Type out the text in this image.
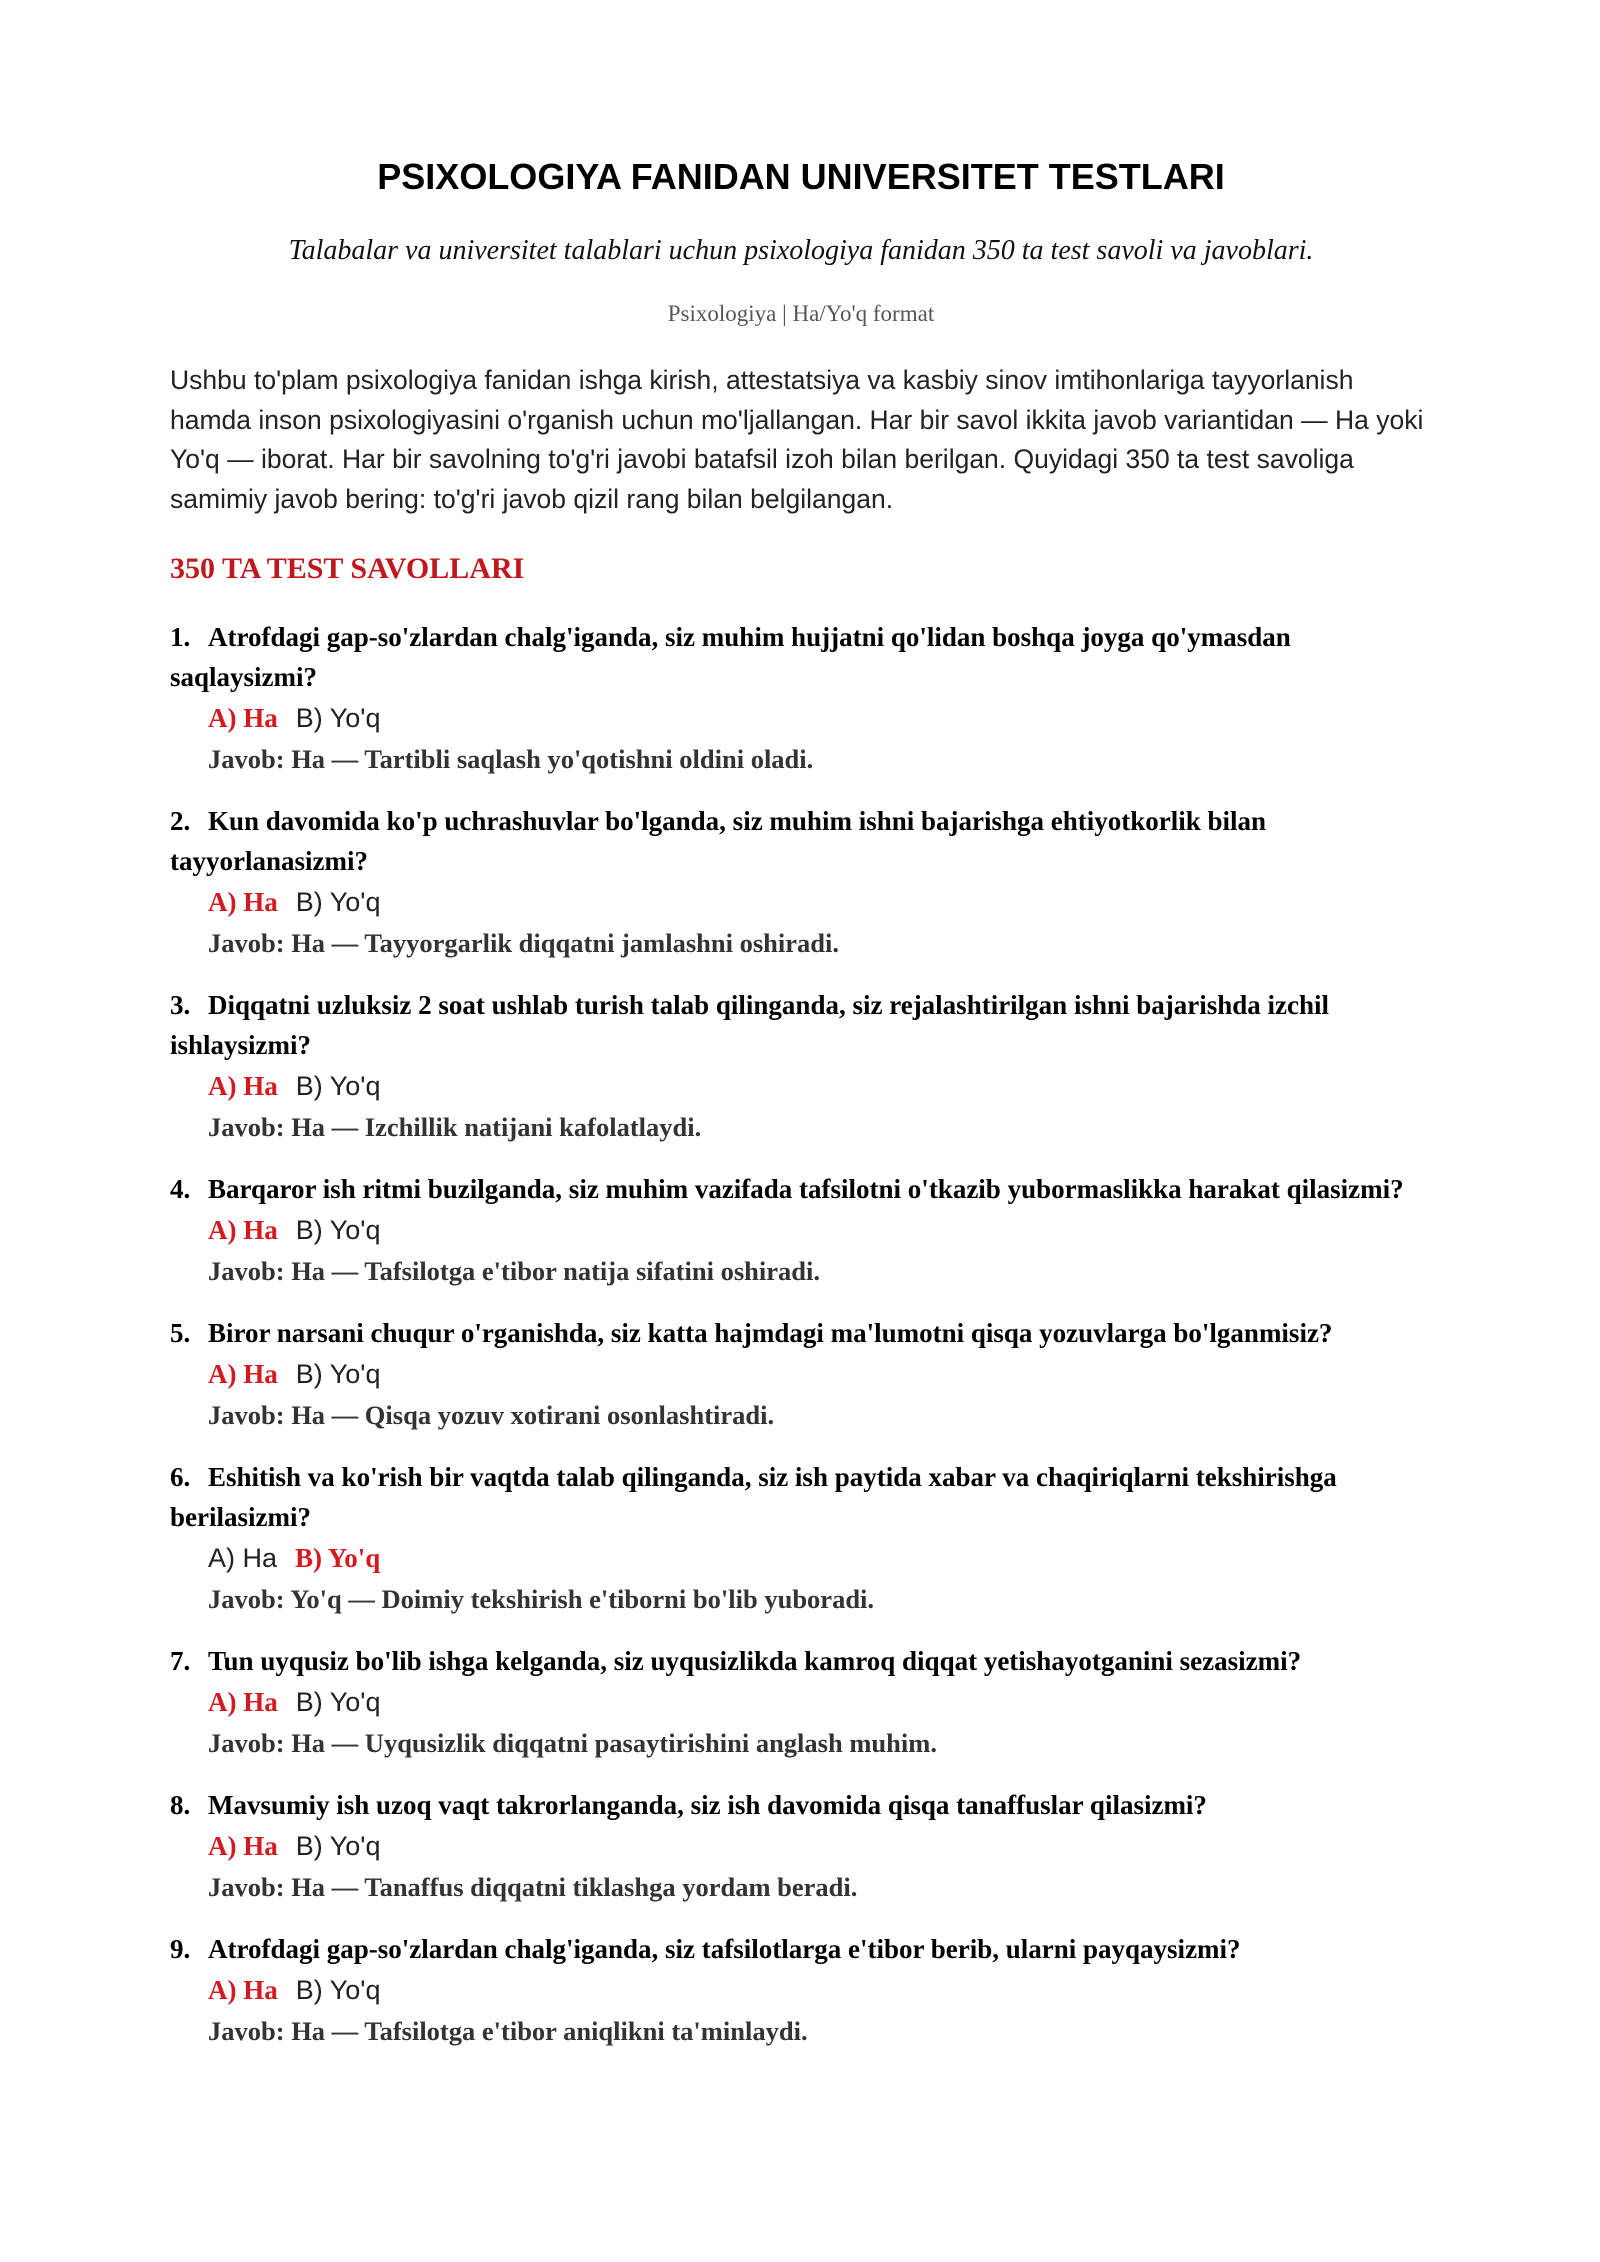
PSIXOLOGIYA FANIDAN UNIVERSITET TESTLARI
Talabalar va universitet talablari uchun psixologiya fanidan 350 ta test savoli va javoblari.
Psixologiya | Ha/Yo'q format
Ushbu to'plam psixologiya fanidan ishga kirish, attestatsiya va kasbiy sinov imtihonlariga tayyorlanish hamda inson psixologiyasini o'rganish uchun mo'ljallangan. Har bir savol ikkita javob variantidan — Ha yoki Yo'q — iborat. Har bir savolning to'g'ri javobi batafsil izoh bilan berilgan. Quyidagi 350 ta test savoliga samimiy javob bering: to'g'ri javob qizil rang bilan belgilangan.
350 TA TEST SAVOLLARI
1. Atrofdagi gap-so'zlardan chalg'iganda, siz muhim hujjatni qo'lidan boshqa joyga qo'ymasdan saqlaysizmi?
A) Ha B) Yo'q
Javob: Ha — Tartibli saqlash yo'qotishni oldini oladi.
2. Kun davomida ko'p uchrashuvlar bo'lganda, siz muhim ishni bajarishga ehtiyotkorlik bilan tayyorlanasizmi?
A) Ha B) Yo'q
Javob: Ha — Tayyorgarlik diqqatni jamlashni oshiradi.
3. Diqqatni uzluksiz 2 soat ushlab turish talab qilinganda, siz rejalashtirilgan ishni bajarishda izchil ishlaysizmi?
A) Ha B) Yo'q
Javob: Ha — Izchillik natijani kafolatlaydi.
4. Barqaror ish ritmi buzilganda, siz muhim vazifada tafsilotni o'tkazib yubormaslikka harakat qilasizmi?
A) Ha B) Yo'q
Javob: Ha — Tafsilotga e'tibor natija sifatini oshiradi.
5. Biror narsani chuqur o'rganishda, siz katta hajmdagi ma'lumotni qisqa yozuvlarga bo'lganmisiz?
A) Ha B) Yo'q
Javob: Ha — Qisqa yozuv xotirani osonlashtiradi.
6. Eshitish va ko'rish bir vaqtda talab qilinganda, siz ish paytida xabar va chaqiriqlarni tekshirishga berilasizmi?
A) Ha B) Yo'q
Javob: Yo'q — Doimiy tekshirish e'tiborni bo'lib yuboradi.
7. Tun uyqusiz bo'lib ishga kelganda, siz uyqusizlikda kamroq diqqat yetishayotganini sezasizmi?
A) Ha B) Yo'q
Javob: Ha — Uyqusizlik diqqatni pasaytirishini anglash muhim.
8. Mavsumiy ish uzoq vaqt takrorlanganda, siz ish davomida qisqa tanaffuslar qilasizmi?
A) Ha B) Yo'q
Javob: Ha — Tanaffus diqqatni tiklashga yordam beradi.
9. Atrofdagi gap-so'zlardan chalg'iganda, siz tafsilotlarga e'tibor berib, ularni payqaysizmi?
A) Ha B) Yo'q
Javob: Ha — Tafsilotga e'tibor aniqlikni ta'minlaydi.
